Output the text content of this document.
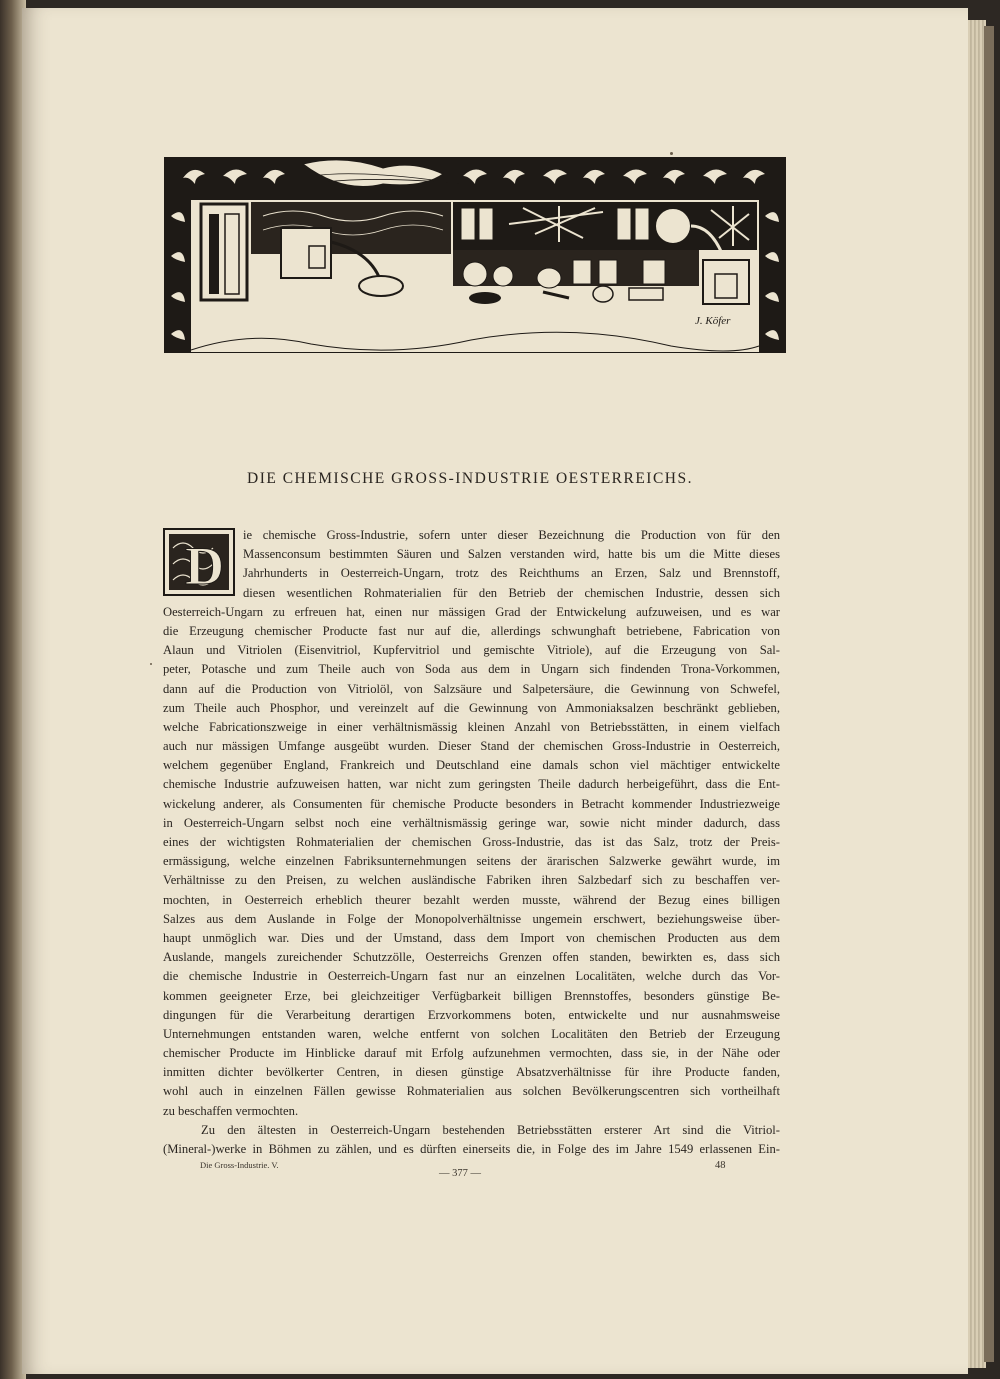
J. Köfer
DIE CHEMISCHE GROSS-INDUSTRIE OESTERREICHS.
D
ie chemische Gross-Industrie, sofern unter dieser Bezeichnung die Production von für den
Massenconsum bestimmten Säuren und Salzen verstanden wird, hatte bis um die Mitte dieses
Jahrhunderts in Oesterreich-Ungarn, trotz des Reichthums an Erzen, Salz und Brennstoff,
diesen wesentlichen Rohmaterialien für den Betrieb der chemischen Industrie, dessen sich
Oesterreich-Ungarn zu erfreuen hat, einen nur mässigen Grad der Entwickelung aufzuweisen, und es war
die Erzeugung chemischer Producte fast nur auf die, allerdings schwunghaft betriebene, Fabrication von
Alaun und Vitriolen (Eisenvitriol, Kupfervitriol und gemischte Vitriole), auf die Erzeugung von Sal-
peter, Potasche und zum Theile auch von Soda aus dem in Ungarn sich findenden Trona-Vorkommen,
dann auf die Production von Vitriolöl, von Salzsäure und Salpetersäure, die Gewinnung von Schwefel,
zum Theile auch Phosphor, und vereinzelt auf die Gewinnung von Ammoniaksalzen beschränkt geblieben,
welche Fabricationszweige in einer verhältnismässig kleinen Anzahl von Betriebsstätten, in einem vielfach
auch nur mässigen Umfange ausgeübt wurden. Dieser Stand der chemischen Gross-Industrie in Oesterreich,
welchem gegenüber England, Frankreich und Deutschland eine damals schon viel mächtiger entwickelte
chemische Industrie aufzuweisen hatten, war nicht zum geringsten Theile dadurch herbeigeführt, dass die Ent-
wickelung anderer, als Consumenten für chemische Producte besonders in Betracht kommender Industriezweige
in Oesterreich-Ungarn selbst noch eine verhältnismässig geringe war, sowie nicht minder dadurch, dass
eines der wichtigsten Rohmaterialien der chemischen Gross-Industrie, das ist das Salz, trotz der Preis-
ermässigung, welche einzelnen Fabriksunternehmungen seitens der ärarischen Salzwerke gewährt wurde, im
Verhältnisse zu den Preisen, zu welchen ausländische Fabriken ihren Salzbedarf sich zu beschaffen ver-
mochten, in Oesterreich erheblich theurer bezahlt werden musste, während der Bezug eines billigen
Salzes aus dem Auslande in Folge der Monopolverhältnisse ungemein erschwert, beziehungsweise über-
haupt unmöglich war. Dies und der Umstand, dass dem Import von chemischen Producten aus dem
Auslande, mangels zureichender Schutzzölle, Oesterreichs Grenzen offen standen, bewirkten es, dass sich
die chemische Industrie in Oesterreich-Ungarn fast nur an einzelnen Localitäten, welche durch das Vor-
kommen geeigneter Erze, bei gleichzeitiger Verfügbarkeit billigen Brennstoffes, besonders günstige Be-
dingungen für die Verarbeitung derartigen Erzvorkommens boten, entwickelte und nur ausnahmsweise
Unternehmungen entstanden waren, welche entfernt von solchen Localitäten den Betrieb der Erzeugung
chemischer Producte im Hinblicke darauf mit Erfolg aufzunehmen vermochten, dass sie, in der Nähe oder
inmitten dichter bevölkerter Centren, in diesen günstige Absatzverhältnisse für ihre Producte fanden,
wohl auch in einzelnen Fällen gewisse Rohmaterialien aus solchen Bevölkerungscentren sich vortheilhaft
zu beschaffen vermochten.
Zu den ältesten in Oesterreich-Ungarn bestehenden Betriebsstätten ersterer Art sind die Vitriol-
(Mineral-)werke in Böhmen zu zählen, und es dürften einerseits die, in Folge des im Jahre 1549 erlassenen Ein-
Die Gross-Industrie. V.
— 377 —
48
